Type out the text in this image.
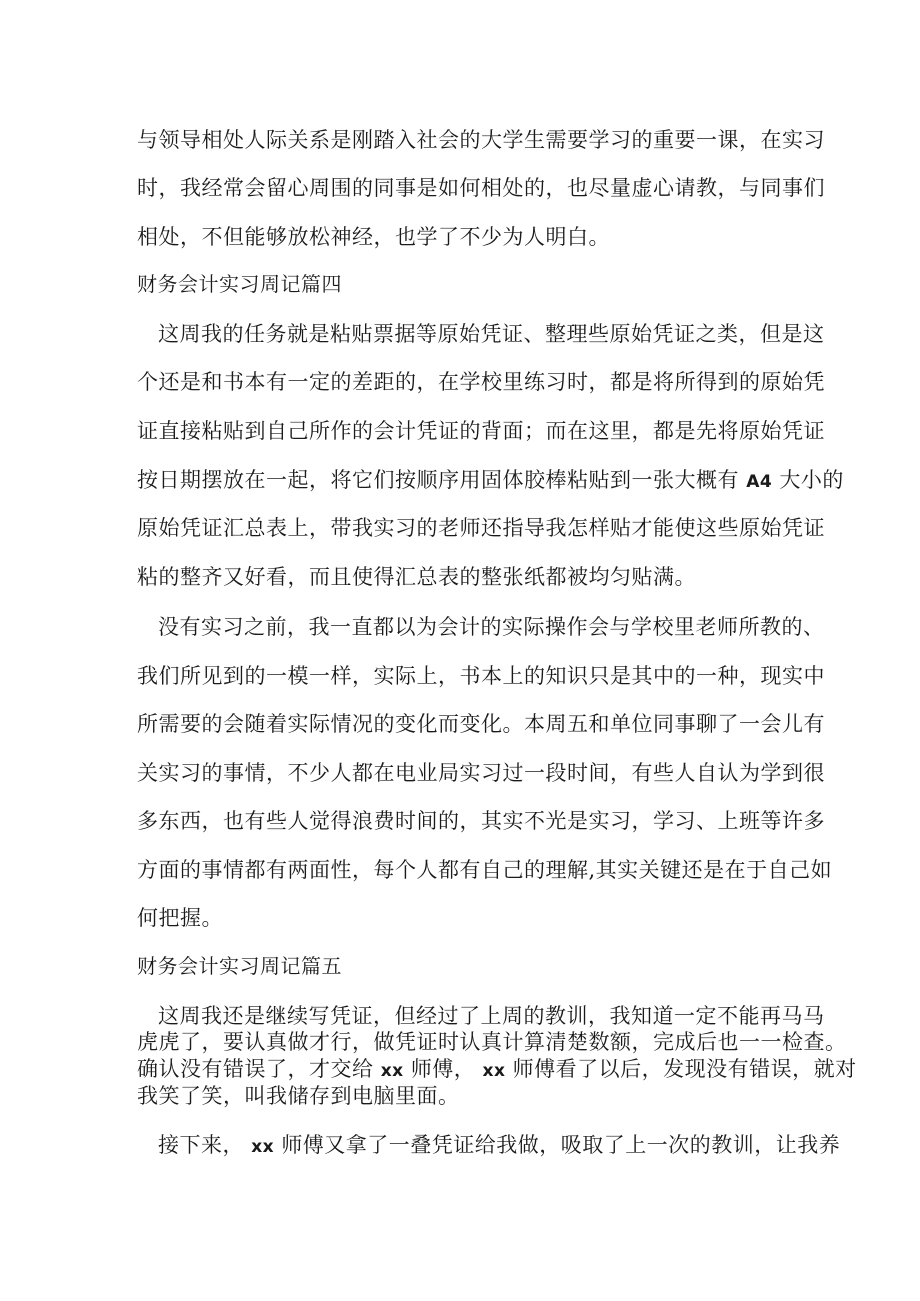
与领导相处人际关系是刚踏入社会的大学生需要学习的重要一课，在实习
时，我经常会留心周围的同事是如何相处的，也尽量虚心请教，与同事们
相处，不但能够放松神经，也学了不少为人明白。
财务会计实习周记篇四
这周我的任务就是粘贴票据等原始凭证、整理些原始凭证之类，但是这
个还是和书本有一定的差距的，在学校里练习时，都是将所得到的原始凭
证直接粘贴到自己所作的会计凭证的背面；而在这里，都是先将原始凭证
按日期摆放在一起，将它们按顺序用固体胶棒粘贴到一张大概有 A4 大小的
原始凭证汇总表上，带我实习的老师还指导我怎样贴才能使这些原始凭证
粘的整齐又好看，而且使得汇总表的整张纸都被均匀贴满。
没有实习之前，我一直都以为会计的实际操作会与学校里老师所教的、
我们所见到的一模一样，实际上，书本上的知识只是其中的一种，现实中
所需要的会随着实际情况的变化而变化。本周五和单位同事聊了一会儿有
关实习的事情，不少人都在电业局实习过一段时间，有些人自认为学到很
多东西，也有些人觉得浪费时间的，其实不光是实习，学习、上班等许多
方面的事情都有两面性，每个人都有自己的理解,其实关键还是在于自己如
何把握。
财务会计实习周记篇五
这周我还是继续写凭证，但经过了上周的教训，我知道一定不能再马马
虎虎了，要认真做才行，做凭证时认真计算清楚数额，完成后也一一检查。
确认没有错误了，才交给 xx 师傅， xx 师傅看了以后，发现没有错误，就对
我笑了笑，叫我储存到电脑里面。
接下来， xx 师傅又拿了一叠凭证给我做，吸取了上一次的教训，让我养
